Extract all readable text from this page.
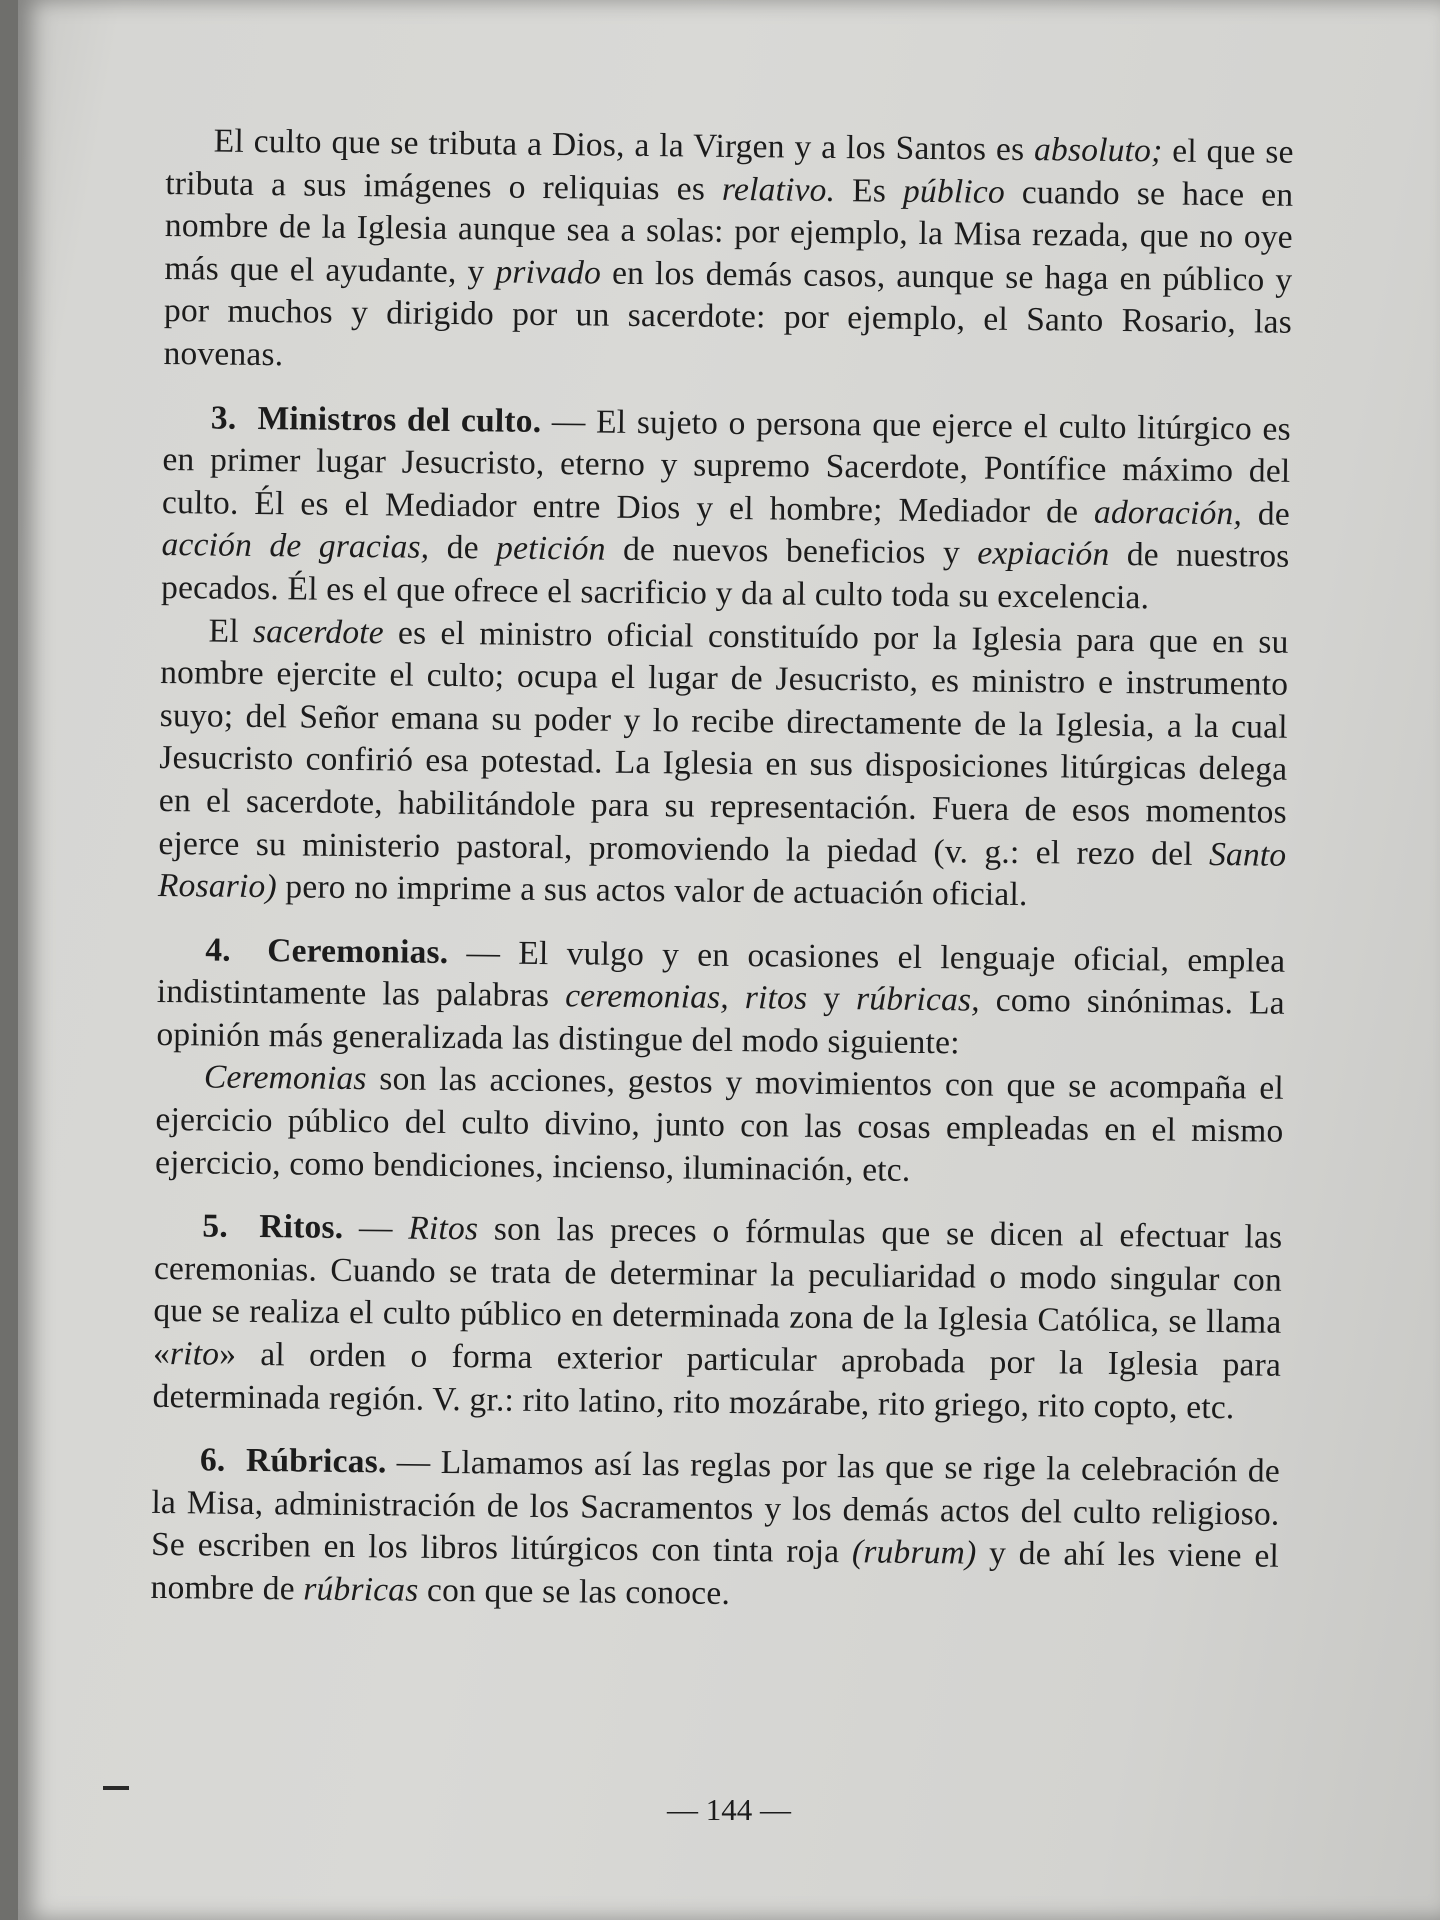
El culto que se tributa a Dios, a la Virgen y a los Santos es absoluto; el que se tributa a sus imágenes o reliquias es relativo. Es público cuando se hace en nombre de la Iglesia aunque sea a solas: por ejemplo, la Misa rezada, que no oye más que el ayudante, y privado en los demás casos, aunque se haga en público y por muchos y dirigido por un sacerdote: por ejemplo, el Santo Rosario, las novenas.

3. Ministros del culto. — El sujeto o persona que ejerce el culto litúrgico es en primer lugar Jesucristo, eterno y supremo Sacerdote, Pontífice máximo del culto. Él es el Mediador entre Dios y el hombre; Mediador de adoración, de acción de gracias, de petición de nuevos beneficios y expiación de nuestros pecados. Él es el que ofrece el sacrificio y da al culto toda su excelencia.

El sacerdote es el ministro oficial constituído por la Iglesia para que en su nombre ejercite el culto; ocupa el lugar de Jesucristo, es ministro e instrumento suyo; del Señor emana su poder y lo recibe directamente de la Iglesia, a la cual Jesucristo confirió esa potestad. La Iglesia en sus disposiciones litúrgicas delega en el sacerdote, habilitándole para su representación. Fuera de esos momentos ejerce su ministerio pastoral, promoviendo la piedad (v. g.: el rezo del Santo Rosario) pero no imprime a sus actos valor de actuación oficial.

4. Ceremonias. — El vulgo y en ocasiones el lenguaje oficial, emplea indistintamente las palabras ceremonias, ritos y rúbricas, como sinónimas. La opinión más generalizada las distingue del modo siguiente:

Ceremonias son las acciones, gestos y movimientos con que se acompaña el ejercicio público del culto divino, junto con las cosas empleadas en el mismo ejercicio, como bendiciones, incienso, iluminación, etc.

5. Ritos. — Ritos son las preces o fórmulas que se dicen al efectuar las ceremonias. Cuando se trata de determinar la peculiaridad o modo singular con que se realiza el culto público en determinada zona de la Iglesia Católica, se llama «rito» al orden o forma exterior particular aprobada por la Iglesia para determinada región. V. gr.: rito latino, rito mozárabe, rito griego, rito copto, etc.

6. Rúbricas. — Llamamos así las reglas por las que se rige la celebración de la Misa, administración de los Sacramentos y los demás actos del culto religioso. Se escriben en los libros litúrgicos con tinta roja (rubrum) y de ahí les viene el nombre de rúbricas con que se las conoce.

— 144 —
